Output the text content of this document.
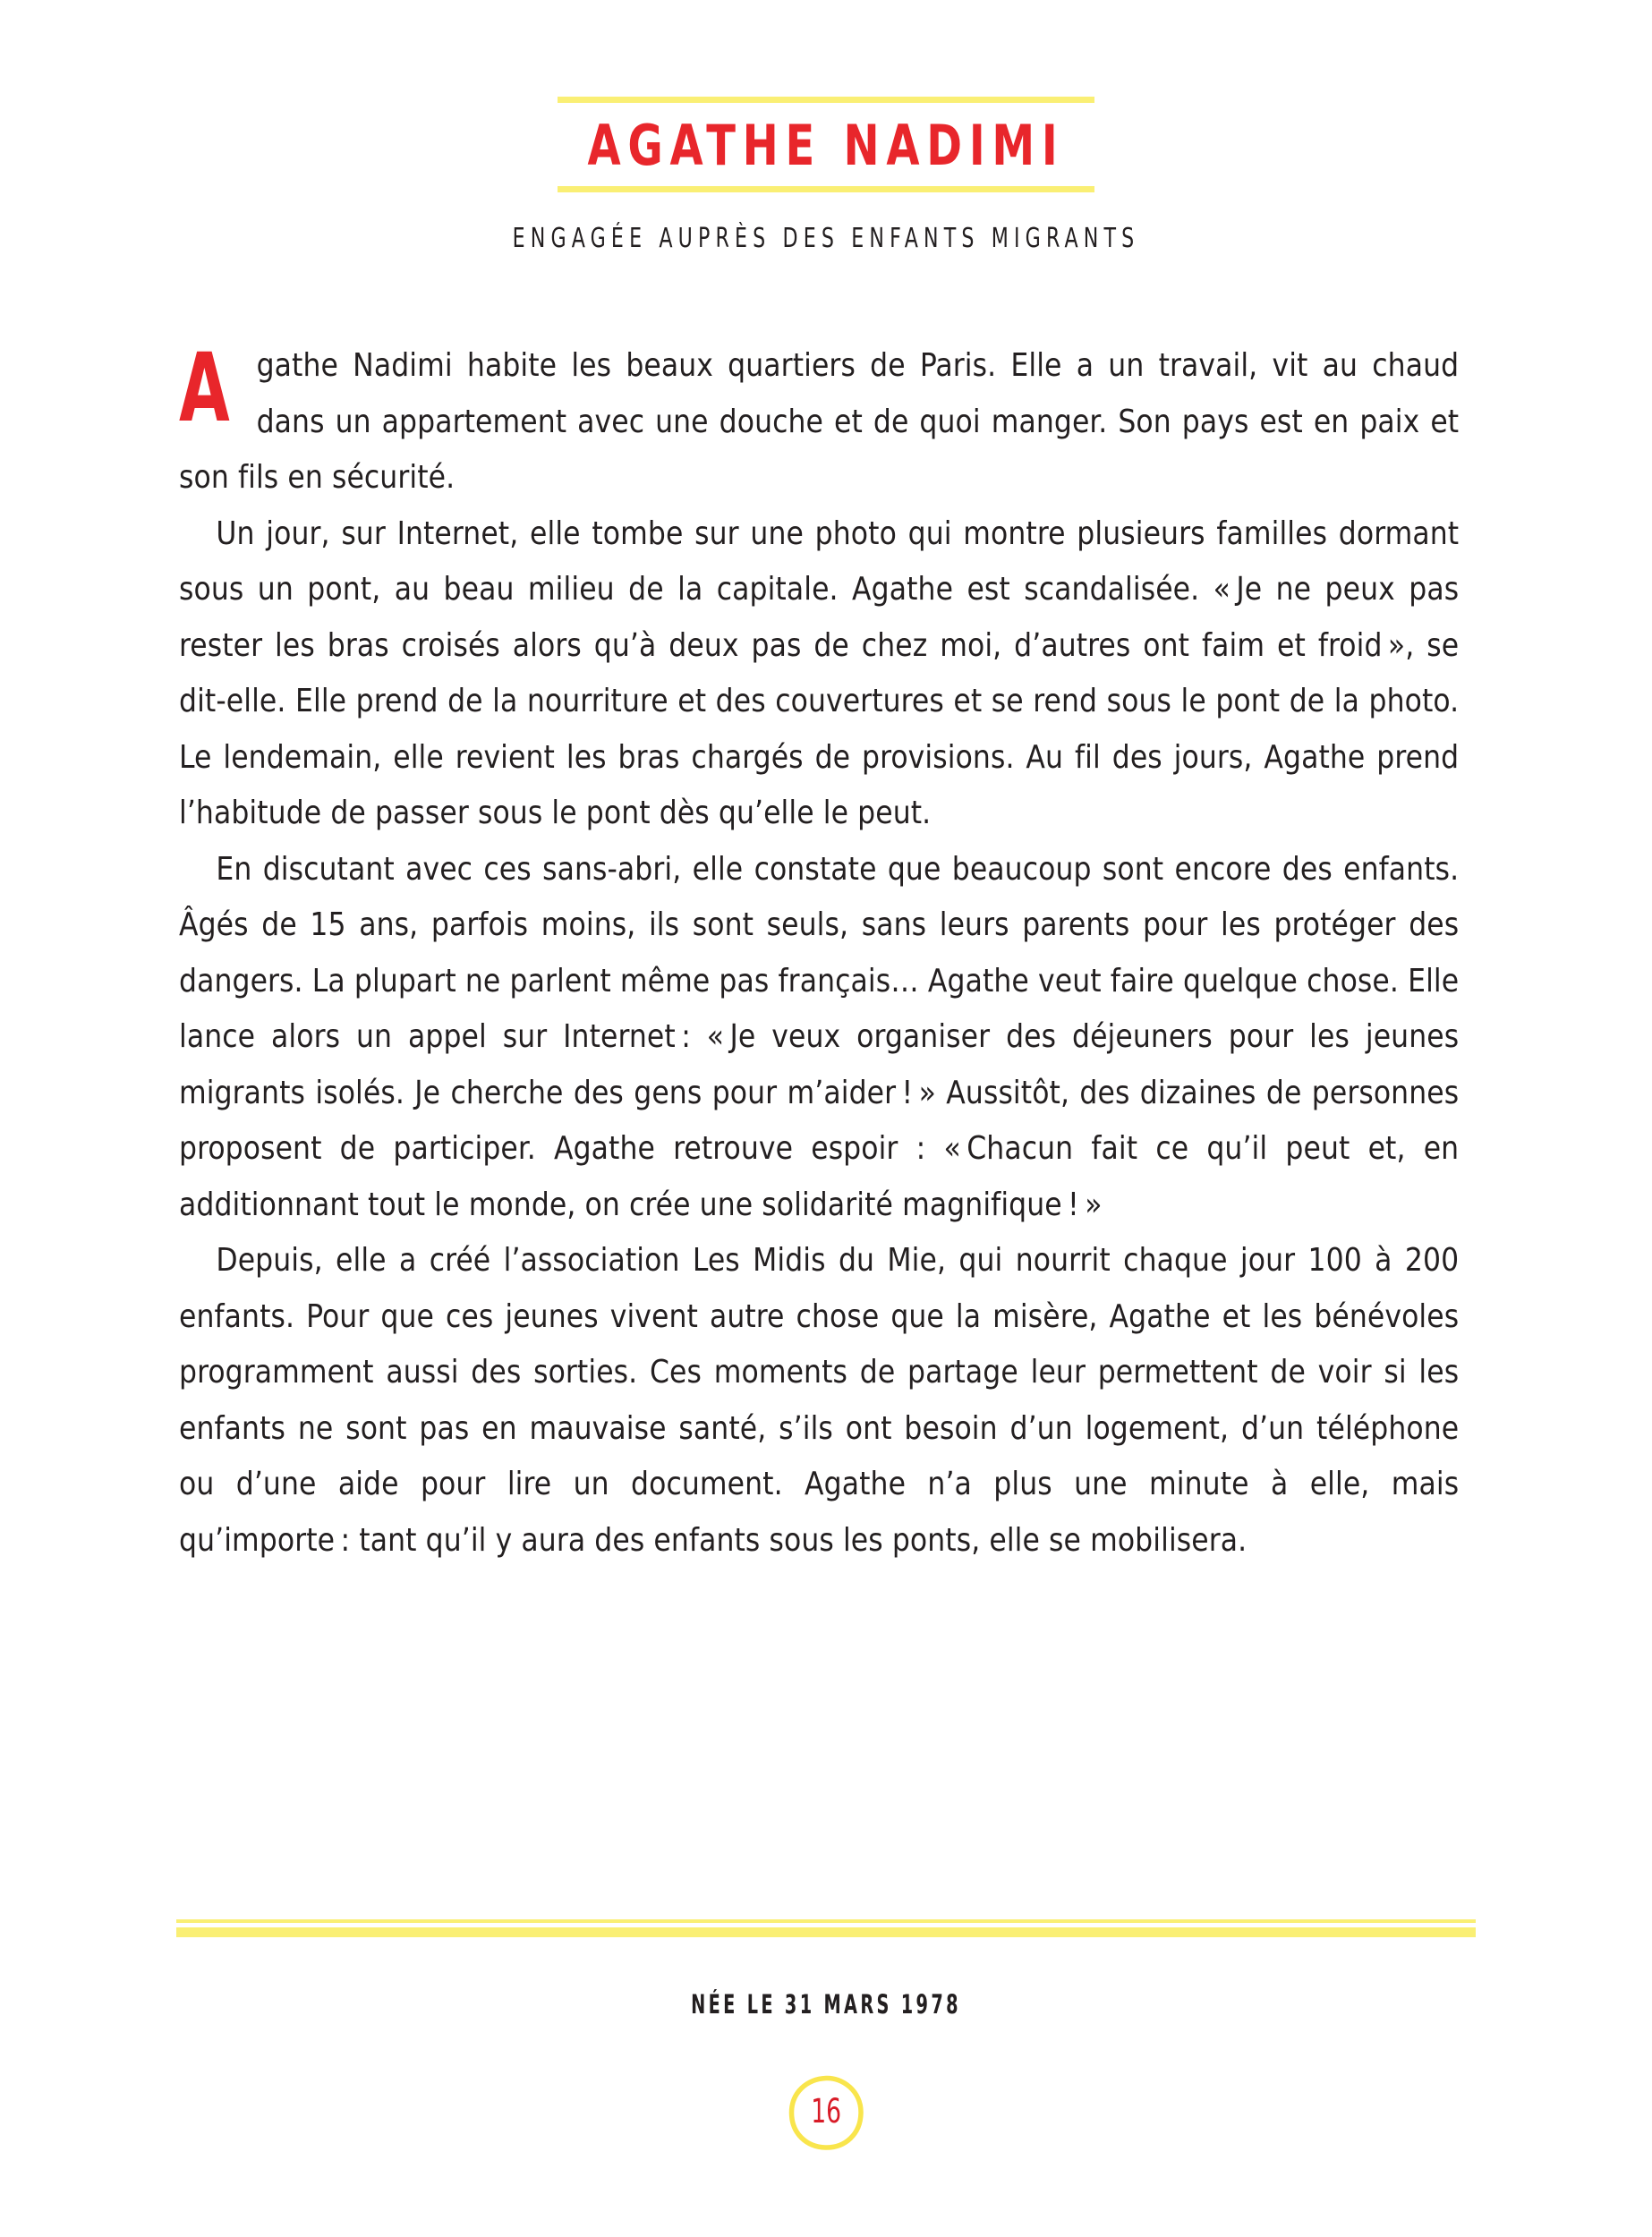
AGATHE NADIMI
ENGAGÉE AUPRÈS DES ENFANTS MIGRANTS

Agathe Nadimi habite les beaux quartiers de Paris. Elle a un travail, vit au chaud dans un appartement avec une douche et de quoi manger. Son pays est en paix et son fils en sécurité.

Un jour, sur Internet, elle tombe sur une photo qui montre plusieurs familles dormant sous un pont, au beau milieu de la capitale. Agathe est scandalisée. « Je ne peux pas rester les bras croisés alors qu’à deux pas de chez moi, d’autres ont faim et froid », se dit-elle. Elle prend de la nourriture et des couvertures et se rend sous le pont de la photo. Le lendemain, elle revient les bras chargés de provisions. Au fil des jours, Agathe prend l’habitude de passer sous le pont dès qu’elle le peut.

En discutant avec ces sans-abri, elle constate que beaucoup sont encore des enfants. Âgés de 15 ans, parfois moins, ils sont seuls, sans leurs parents pour les protéger des dangers. La plupart ne parlent même pas français… Agathe veut faire quelque chose. Elle lance alors un appel sur Internet : « Je veux organiser des déjeuners pour les jeunes migrants isolés. Je cherche des gens pour m’aider ! » Aussitôt, des dizaines de personnes proposent de participer. Agathe retrouve espoir : « Chacun fait ce qu’il peut et, en additionnant tout le monde, on crée une solidarité magnifique ! »

Depuis, elle a créé l’association Les Midis du Mie, qui nourrit chaque jour 100 à 200 enfants. Pour que ces jeunes vivent autre chose que la misère, Agathe et les bénévoles programment aussi des sorties. Ces moments de partage leur permettent de voir si les enfants ne sont pas en mauvaise santé, s’ils ont besoin d’un logement, d’un téléphone ou d’une aide pour lire un document. Agathe n’a plus une minute à elle, mais qu’importe : tant qu’il y aura des enfants sous les ponts, elle se mobilisera.

NÉE LE 31 MARS 1978
16
